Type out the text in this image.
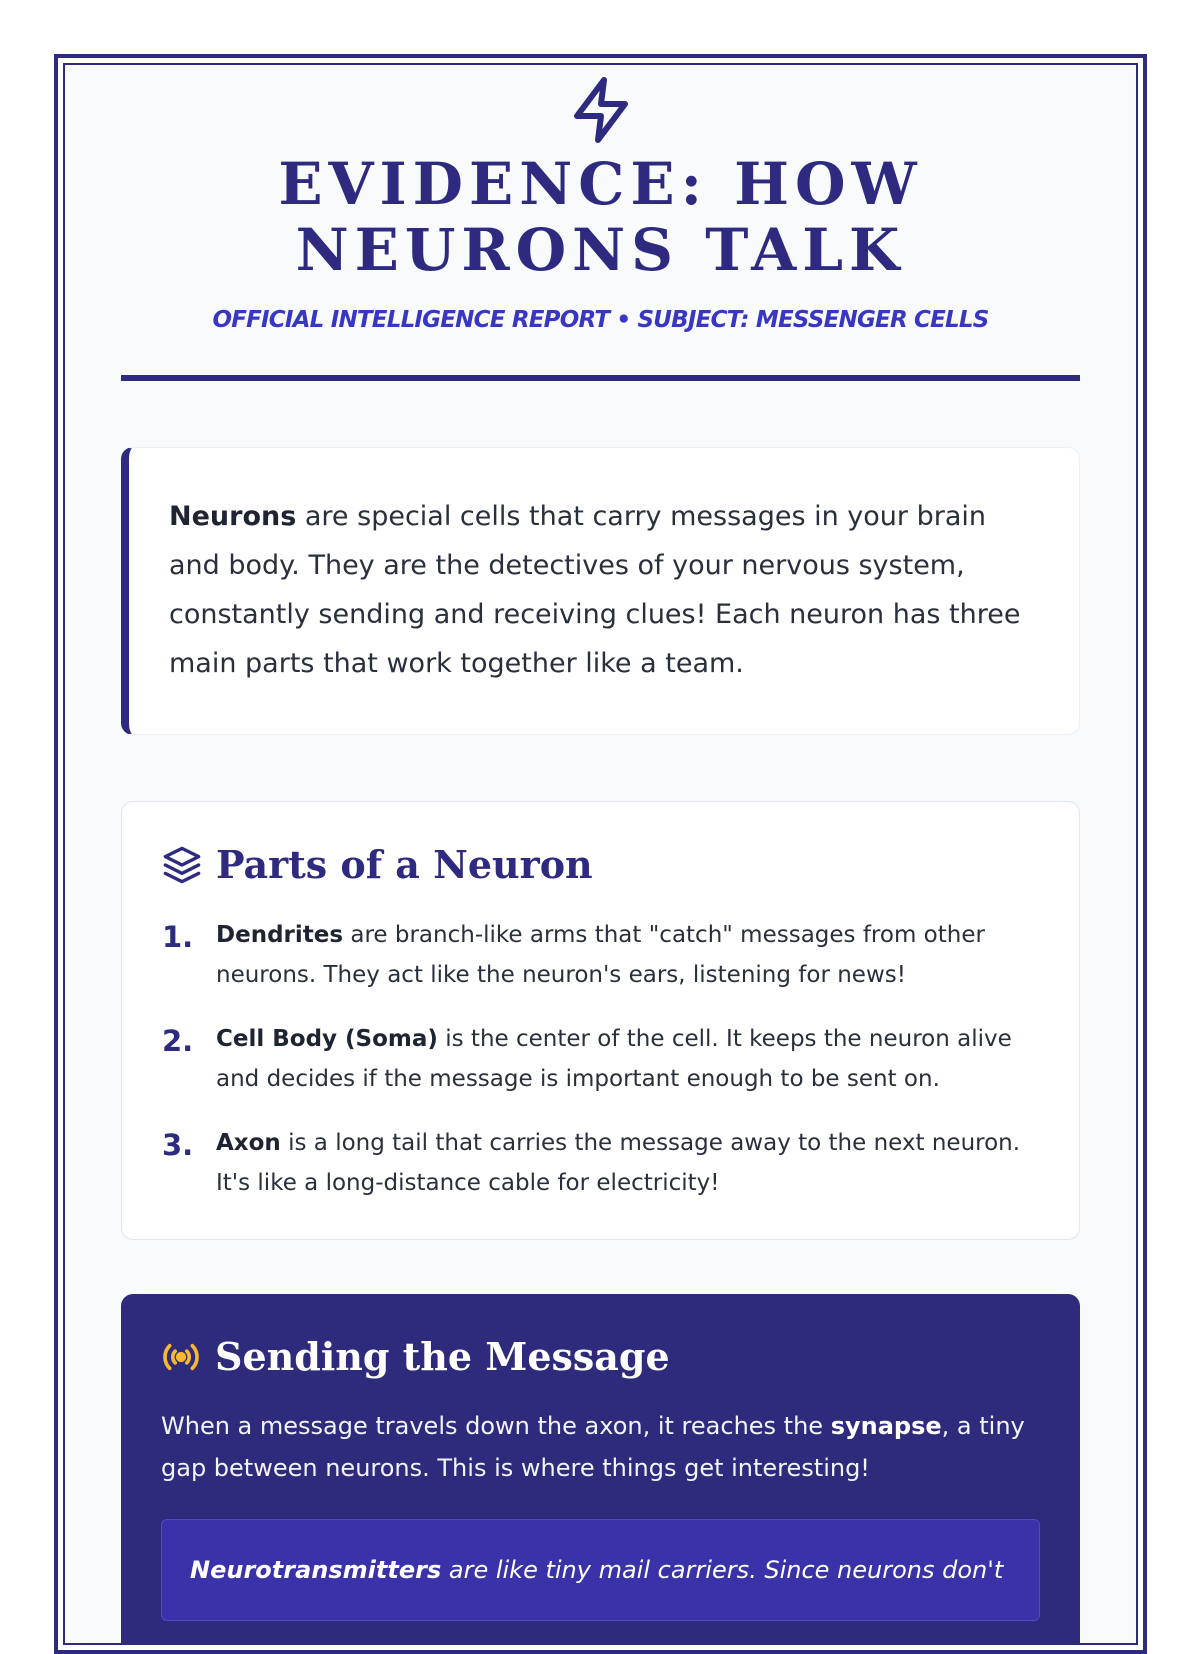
EVIDENCE: HOW NEURONS TALK
OFFICIAL INTELLIGENCE REPORT • SUBJECT: MESSENGER CELLS

Neurons are special cells that carry messages in your brain and body. They are the detectives of your nervous system, constantly sending and receiving clues! Each neuron has three main parts that work together like a team.

Parts of a Neuron
1. Dendrites are branch-like arms that "catch" messages from other neurons. They act like the neuron's ears, listening for news!
2. Cell Body (Soma) is the center of the cell. It keeps the neuron alive and decides if the message is important enough to be sent on.
3. Axon is a long tail that carries the message away to the next neuron. It's like a long-distance cable for electricity!
Sending the Message

When a message travels down the axon, it reaches the synapse, a tiny gap between neurons. This is where things get interesting!

Neurotransmitters are like tiny mail carriers. Since neurons don't
